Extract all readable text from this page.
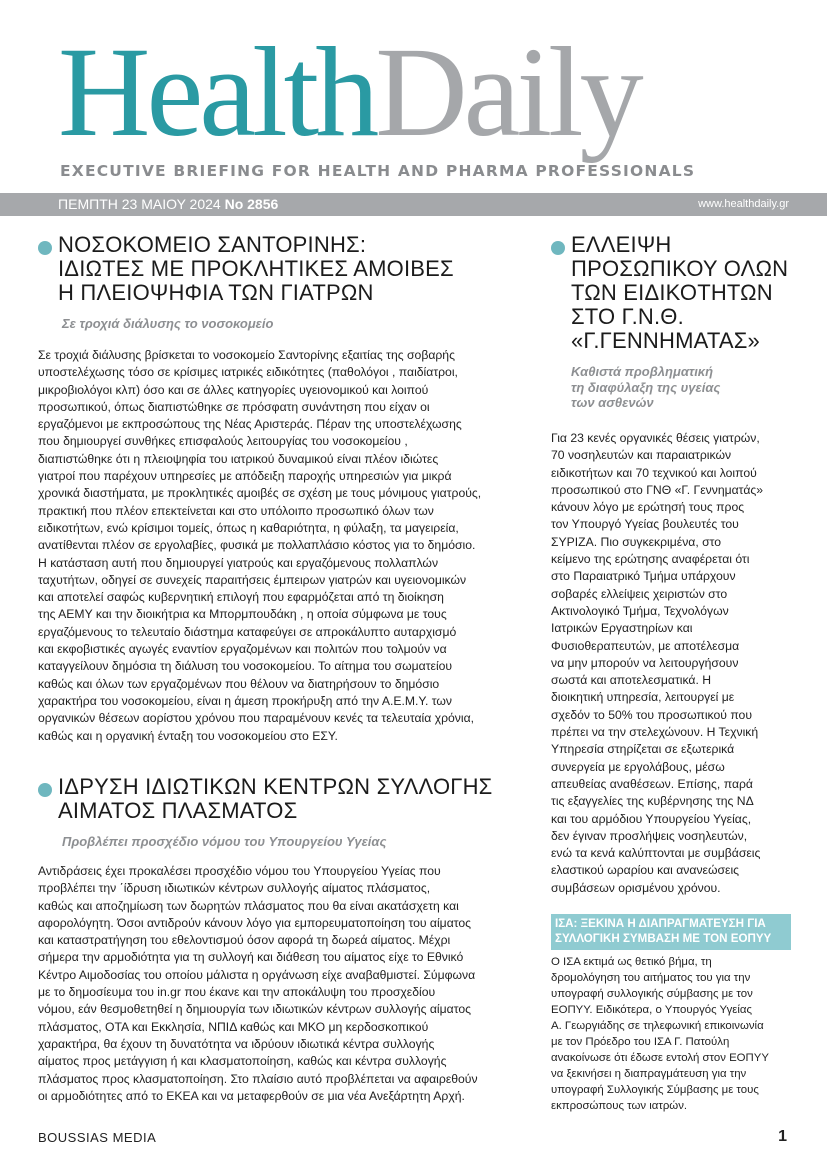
HealthDaily
EXECUTIVE BRIEFING FOR HEALTH AND PHARMA PROFESSIONALS
ΠΕΜΠΤΗ 23 ΜΑΙΟΥ 2024 No 2856	www.healthdaily.gr
ΝΟΣΟΚΟΜΕΙΟ ΣΑΝΤΟΡΙΝΗΣ:
ΙΔΙΩΤΕΣ ΜΕ ΠΡΟΚΛΗΤΙΚΕΣ ΑΜΟΙΒΕΣ
Η ΠΛΕΙΟΨΗΦΙΑ ΤΩΝ ΓΙΑΤΡΩΝ
Σε τροχιά διάλυσης το νοσοκομείο
Σε τροχιά διάλυσης βρίσκεται το νοσοκομείο Σαντορίνης εξαιτίας της σοβαρής
υποστελέχωσης τόσο σε κρίσιμες ιατρικές ειδικότητες (παθολόγοι , παιδίατροι,
μικροβιολόγοι κλπ) όσο και σε άλλες κατηγορίες υγειονομικού και λοιπού
προσωπικού, όπως διαπιστώθηκε σε πρόσφατη συνάντηση που είχαν οι
εργαζόμενοι με εκπροσώπους της Νέας Αριστεράς. Πέραν της υποστελέχωσης
που δημιουργεί συνθήκες επισφαλούς λειτουργίας του νοσοκομείου ,
διαπιστώθηκε ότι η πλειοψηφία του ιατρικού δυναμικού είναι πλέον ιδιώτες
γιατροί που παρέχουν υπηρεσίες με απόδειξη παροχής υπηρεσιών για μικρά
χρονικά διαστήματα, με προκλητικές αμοιβές σε σχέση με τους μόνιμους γιατρούς,
πρακτική που πλέον επεκτείνεται και στο υπόλοιπο προσωπικό όλων των
ειδικοτήτων, ενώ κρίσιμοι τομείς, όπως η καθαριότητα, η φύλαξη, τα μαγειρεία,
ανατίθενται πλέον σε εργολαβίες, φυσικά με πολλαπλάσιο κόστος για το δημόσιο.
Η κατάσταση αυτή που δημιουργεί γιατρούς και εργαζόμενους πολλαπλών
ταχυτήτων, οδηγεί σε συνεχείς παραιτήσεις έμπειρων γιατρών και υγειονομικών
και αποτελεί σαφώς κυβερνητική επιλογή που εφαρμόζεται από τη διοίκηση
της ΑΕΜΥ και την διοικήτρια κα Μπορμπουδάκη , η οποία σύμφωνα με τους
εργαζόμενους το τελευταίο διάστημα καταφεύγει σε απροκάλυπτο αυταρχισμό
και εκφοβιστικές αγωγές εναντίον εργαζομένων και πολιτών που τολμούν να
καταγγείλουν δημόσια τη διάλυση του νοσοκομείου. Το αίτημα του σωματείου
καθώς και όλων των εργαζομένων που θέλουν να διατηρήσουν το δημόσιο
χαρακτήρα του νοσοκομείου, είναι η άμεση προκήρυξη από την Α.Ε.Μ.Υ. των
οργανικών θέσεων αορίστου χρόνου που παραμένουν κενές τα τελευταία χρόνια,
καθώς και η οργανική ένταξη του νοσοκομείου στο ΕΣΥ.
ΙΔΡΥΣΗ ΙΔΙΩΤΙΚΩΝ ΚΕΝΤΡΩΝ ΣΥΛΛΟΓΗΣ
ΑΙΜΑΤΟΣ ΠΛΑΣΜΑΤΟΣ
Προβλέπει προσχέδιο νόμου του Υπουργείου Υγείας
Αντιδράσεις έχει προκαλέσει προσχέδιο νόμου του Υπουργείου Υγείας που
προβλέπει την ΄ίδρυση ιδιωτικών κέντρων συλλογής αίματος πλάσματος,
καθώς και αποζημίωση των δωρητών πλάσματος που θα είναι ακατάσχετη και
αφορολόγητη. Όσοι αντιδρούν κάνουν λόγο για εμπορευματοποίηση του αίματος
και καταστρατήγηση του εθελοντισμού όσον αφορά τη δωρεά αίματος. Μέχρι
σήμερα την αρμοδιότητα για τη συλλογή και διάθεση του αίματος είχε το Εθνικό
Κέντρο Αιμοδοσίας του οποίου μάλιστα η οργάνωση είχε αναβαθμιστεί. Σύμφωνα
με το δημοσίευμα του in.gr που έκανε και την αποκάλυψη του προσχεδίου
νόμου, εάν θεσμοθετηθεί η δημιουργία των ιδιωτικών κέντρων συλλογής αίματος
πλάσματος, ΟΤΑ και Εκκλησία, ΝΠΙΔ καθώς και ΜΚΟ μη κερδοσκοπικού
χαρακτήρα, θα έχουν τη δυνατότητα να ιδρύουν ιδιωτικά κέντρα συλλογής
αίματος προς μετάγγιση ή και κλασματοποίηση, καθώς και κέντρα συλλογής
πλάσματος προς κλασματοποίηση. Στο πλαίσιο αυτό προβλέπεται να αφαιρεθούν
οι αρμοδιότητες από το ΕΚΕΑ και να μεταφερθούν σε μια νέα Ανεξάρτητη Αρχή.
ΕΛΛΕΙΨΗ
ΠΡΟΣΩΠΙΚΟΥ ΟΛΩΝ
ΤΩΝ ΕΙΔΙΚΟΤΗΤΩΝ
ΣΤΟ Γ.Ν.Θ.
«Γ.ΓΕΝΝΗΜΑΤΑΣ»
Καθιστά προβληματική
τη διαφύλαξη της υγείας
των ασθενών
Για 23 κενές οργανικές θέσεις γιατρών,
70 νοσηλευτών και παραιατρικών
ειδικοτήτων και 70 τεχνικού και λοιπού
προσωπικού στο ΓΝΘ «Γ. Γεννηματάς»
κάνουν λόγο με ερώτησή τους προς
τον Υπουργό Υγείας βουλευτές του
ΣΥΡΙΖΑ. Πιο συγκεκριμένα, στο
κείμενο της ερώτησης αναφέρεται ότι
στο Παραιατρικό Τμήμα υπάρχουν
σοβαρές ελλείψεις χειριστών στο
Ακτινολογικό Τμήμα, Τεχνολόγων
Ιατρικών Εργαστηρίων και
Φυσιοθεραπευτών, με αποτέλεσμα
να μην μπορούν να λειτουργήσουν
σωστά και αποτελεσματικά. Η
διοικητική υπηρεσία, λειτουργεί με
σχεδόν το 50% του προσωπικού που
πρέπει να την στελεχώνουν. Η Τεχνική
Υπηρεσία στηρίζεται σε εξωτερικά
συνεργεία με εργολάβους, μέσω
απευθείας αναθέσεων. Επίσης, παρά
τις εξαγγελίες της κυβέρνησης της ΝΔ
και του αρμόδιου Υπουργείου Υγείας,
δεν έγιναν προσλήψεις νοσηλευτών,
ενώ τα κενά καλύπτονται με συμβάσεις
ελαστικού ωραρίου και ανανεώσεις
συμβάσεων ορισμένου χρόνου.
ΙΣΑ: ΞΕΚΙΝΑ Η ΔΙΑΠΡΑΓΜΑΤΕΥΣΗ ΓΙΑ
ΣΥΛΛΟΓΙΚΗ ΣΥΜΒΑΣΗ ΜΕ ΤΟΝ ΕΟΠΥΥ
Ο ΙΣΑ εκτιμά ως θετικό βήμα, τη
δρομολόγηση του αιτήματος του για την
υπογραφή συλλογικής σύμβασης με τον
ΕΟΠΥΥ. Ειδικότερα, ο Υπουργός Υγείας
Α. Γεωργιάδης σε τηλεφωνική επικοινωνία
με τον Πρόεδρο του ΙΣΑ Γ. Πατούλη
ανακοίνωσε ότι έδωσε εντολή στον ΕΟΠΥΥ
να ξεκινήσει η διαπραγμάτευση για την
υπογραφή Συλλογικής Σύμβασης με τους
εκπροσώπους των ιατρών.
BOUSSIAS MEDIA	1
